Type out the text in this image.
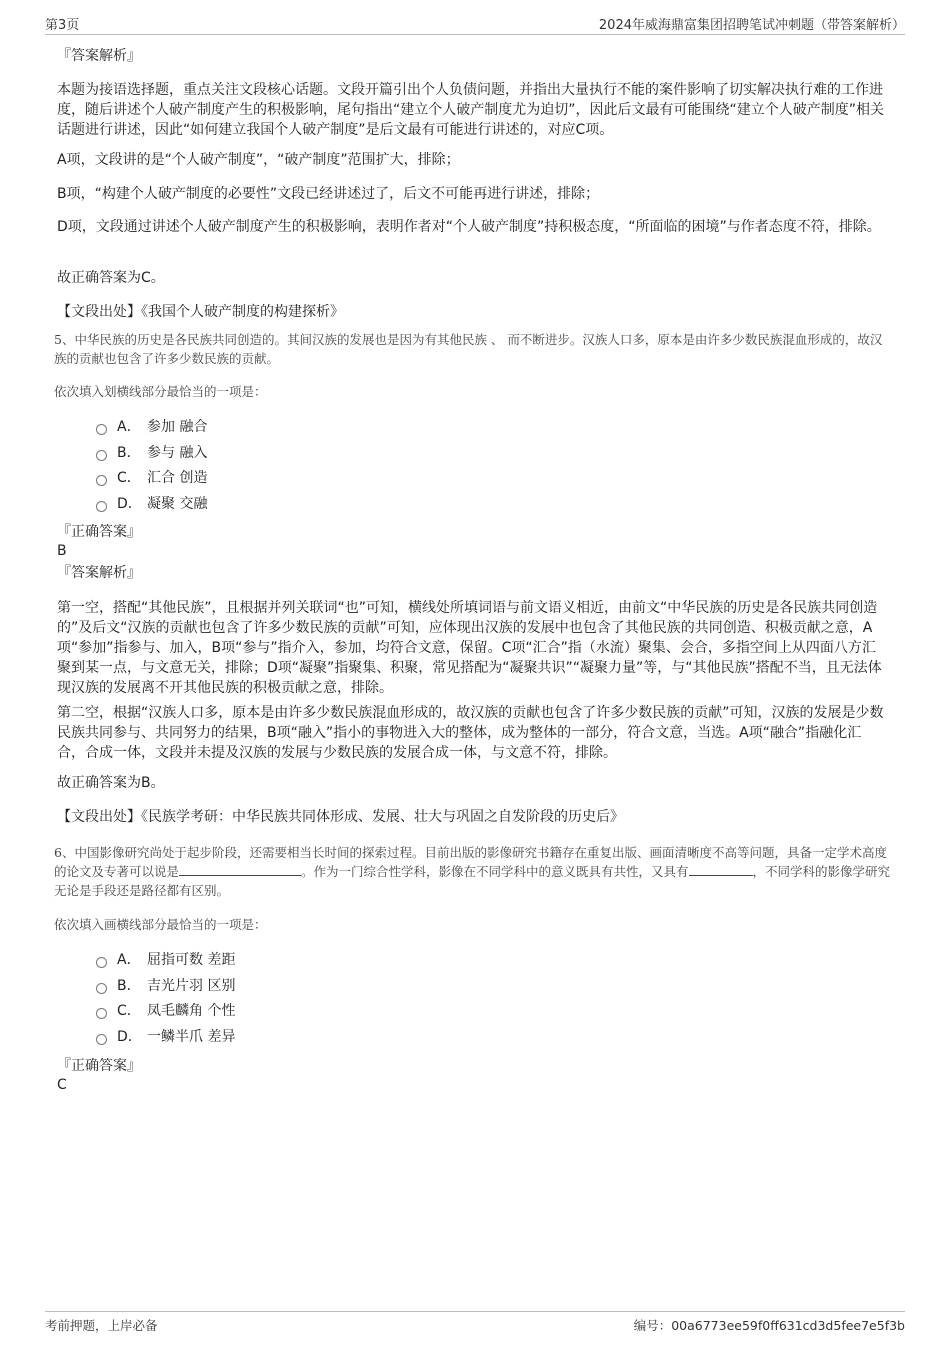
第3页	2024年威海鼎富集团招聘笔试冲刺题（带答案解析）
『答案解析』

本题为接语选择题，重点关注文段核心话题。文段开篇引出个人负债问题，并指出大量执行不能的案件影响了切实解决执行难的工作进度，随后讲述个人破产制度产生的积极影响，尾句指出“建立个人破产制度尤为迫切”，因此后文最有可能围绕“建立个人破产制度”相关话题进行讲述，因此“如何建立我国个人破产制度”是后文最有可能进行讲述的，对应C项。

A项，文段讲的是“个人破产制度”，“破产制度”范围扩大，排除；

B项，“构建个人破产制度的必要性”文段已经讲述过了，后文不可能再进行讲述，排除；

D项，文段通过讲述个人破产制度产生的积极影响，表明作者对“个人破产制度”持积极态度，“所面临的困境”与作者态度不符，排除。

故正确答案为C。

【文段出处】《我国个人破产制度的构建探析》

5、中华民族的历史是各民族共同创造的。其间汉族的发展也是因为有其他民族 、 而不断进步。汉族人口多，原本是由许多少数民族混血形成的，故汉族的贡献也包含了许多少数民族的贡献。

依次填入划横线部分最恰当的一项是：

A． 参加 融合
B． 参与 融入
C． 汇合 创造
D． 凝聚 交融
『正确答案』
B
『答案解析』

第一空，搭配“其他民族”，且根据并列关联词“也”可知，横线处所填词语与前文语义相近，由前文“中华民族的历史是各民族共同创造的”及后文“汉族的贡献也包含了许多少数民族的贡献”可知，应体现出汉族的发展中也包含了其他民族的共同创造、积极贡献之意，A项“参加”指参与、加入，B项“参与”指介入，参加，均符合文意，保留。C项“汇合”指（水流）聚集、会合，多指空间上从四面八方汇聚到某一点，与文意无关，排除；D项“凝聚”指聚集、积聚，常见搭配为“凝聚共识”“凝聚力量”等，与“其他民族”搭配不当，且无法体现汉族的发展离不开其他民族的积极贡献之意，排除。

第二空，根据“汉族人口多，原本是由许多少数民族混血形成的，故汉族的贡献也包含了许多少数民族的贡献”可知，汉族的发展是少数民族共同参与、共同努力的结果，B项“融入”指小的事物进入大的整体，成为整体的一部分，符合文意，当选。A项“融合”指融化汇合，合成一体，文段并未提及汉族的发展与少数民族的发展合成一体，与文意不符，排除。

故正确答案为B。

【文段出处】《民族学考研：中华民族共同体形成、发展、壮大与巩固之自发阶段的历史后》

6、中国影像研究尚处于起步阶段，还需要相当长时间的探索过程。目前出版的影像研究书籍存在重复出版、画面清晰度不高等问题，具备一定学术高度的论文及专著可以说是	。作为一门综合性学科，影像在不同学科中的意义既具有共性，又具有	，不同学科的影像学研究无论是手段还是路径都有区别。

依次填入画横线部分最恰当的一项是：

A． 屈指可数 差距
B． 吉光片羽 区别
C． 凤毛麟角 个性
D． 一鳞半爪 差异
『正确答案』
C
考前押题，上岸必备	编号：00a6773ee59f0ff631cd3d5fee7e5f3b
